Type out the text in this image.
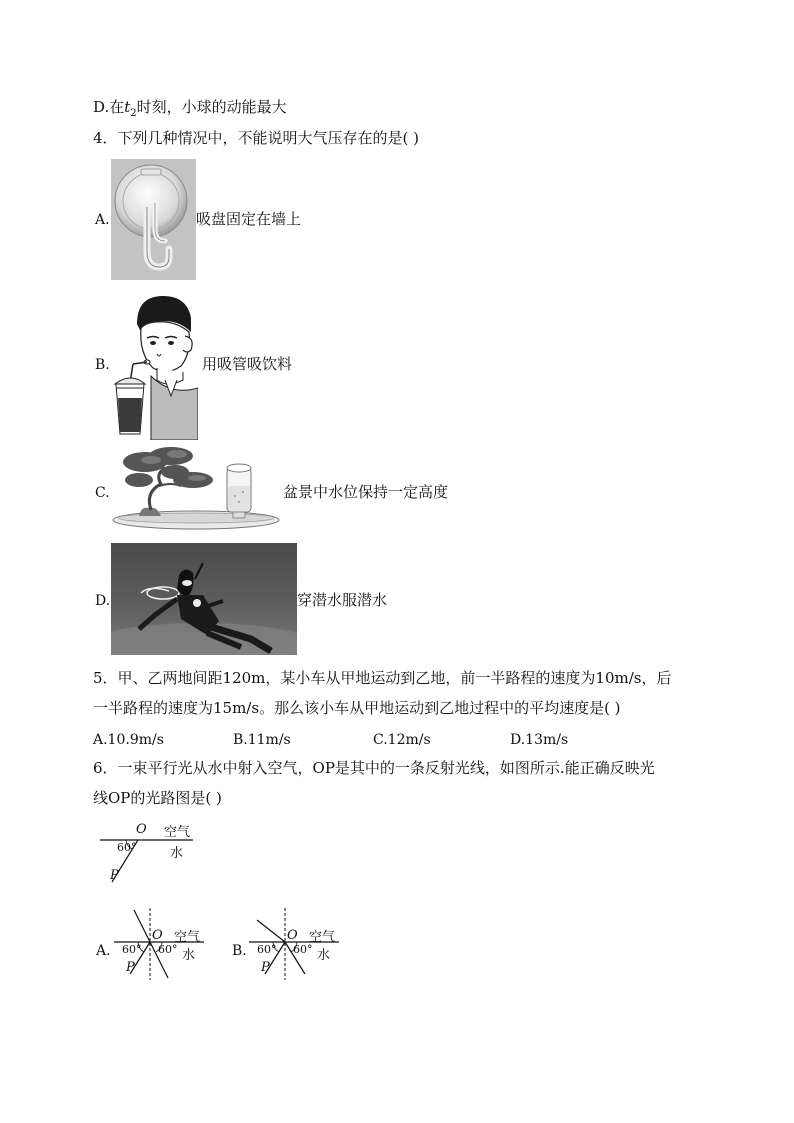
D.在$t_2$时刻，小球的动能最大
4．下列几种情况中，不能说明大气压存在的是( )
A.	吸盘固定在墙上
B.	用吸管吸饮料
C.	盆景中水位保持一定高度
D.	穿潜水服潜水
5．甲、乙两地间距120m，某小车从甲地运动到乙地，前一半路程的速度为10m/s，后
一半路程的速度为15m/s。那么该小车从甲地运动到乙地过程中的平均速度是( )
A.10.9m/s	B.11m/s	C.12m/s	D.13m/s
6．一束平行光从水中射入空气，OP是其中的一条反射光线，如图所示.能正确反映光
线OP的光路图是( )
O 空气
水
60°
P
A.
O 空气
水
60° 60°
P
B.
O 空气
水
60° 60°
P
